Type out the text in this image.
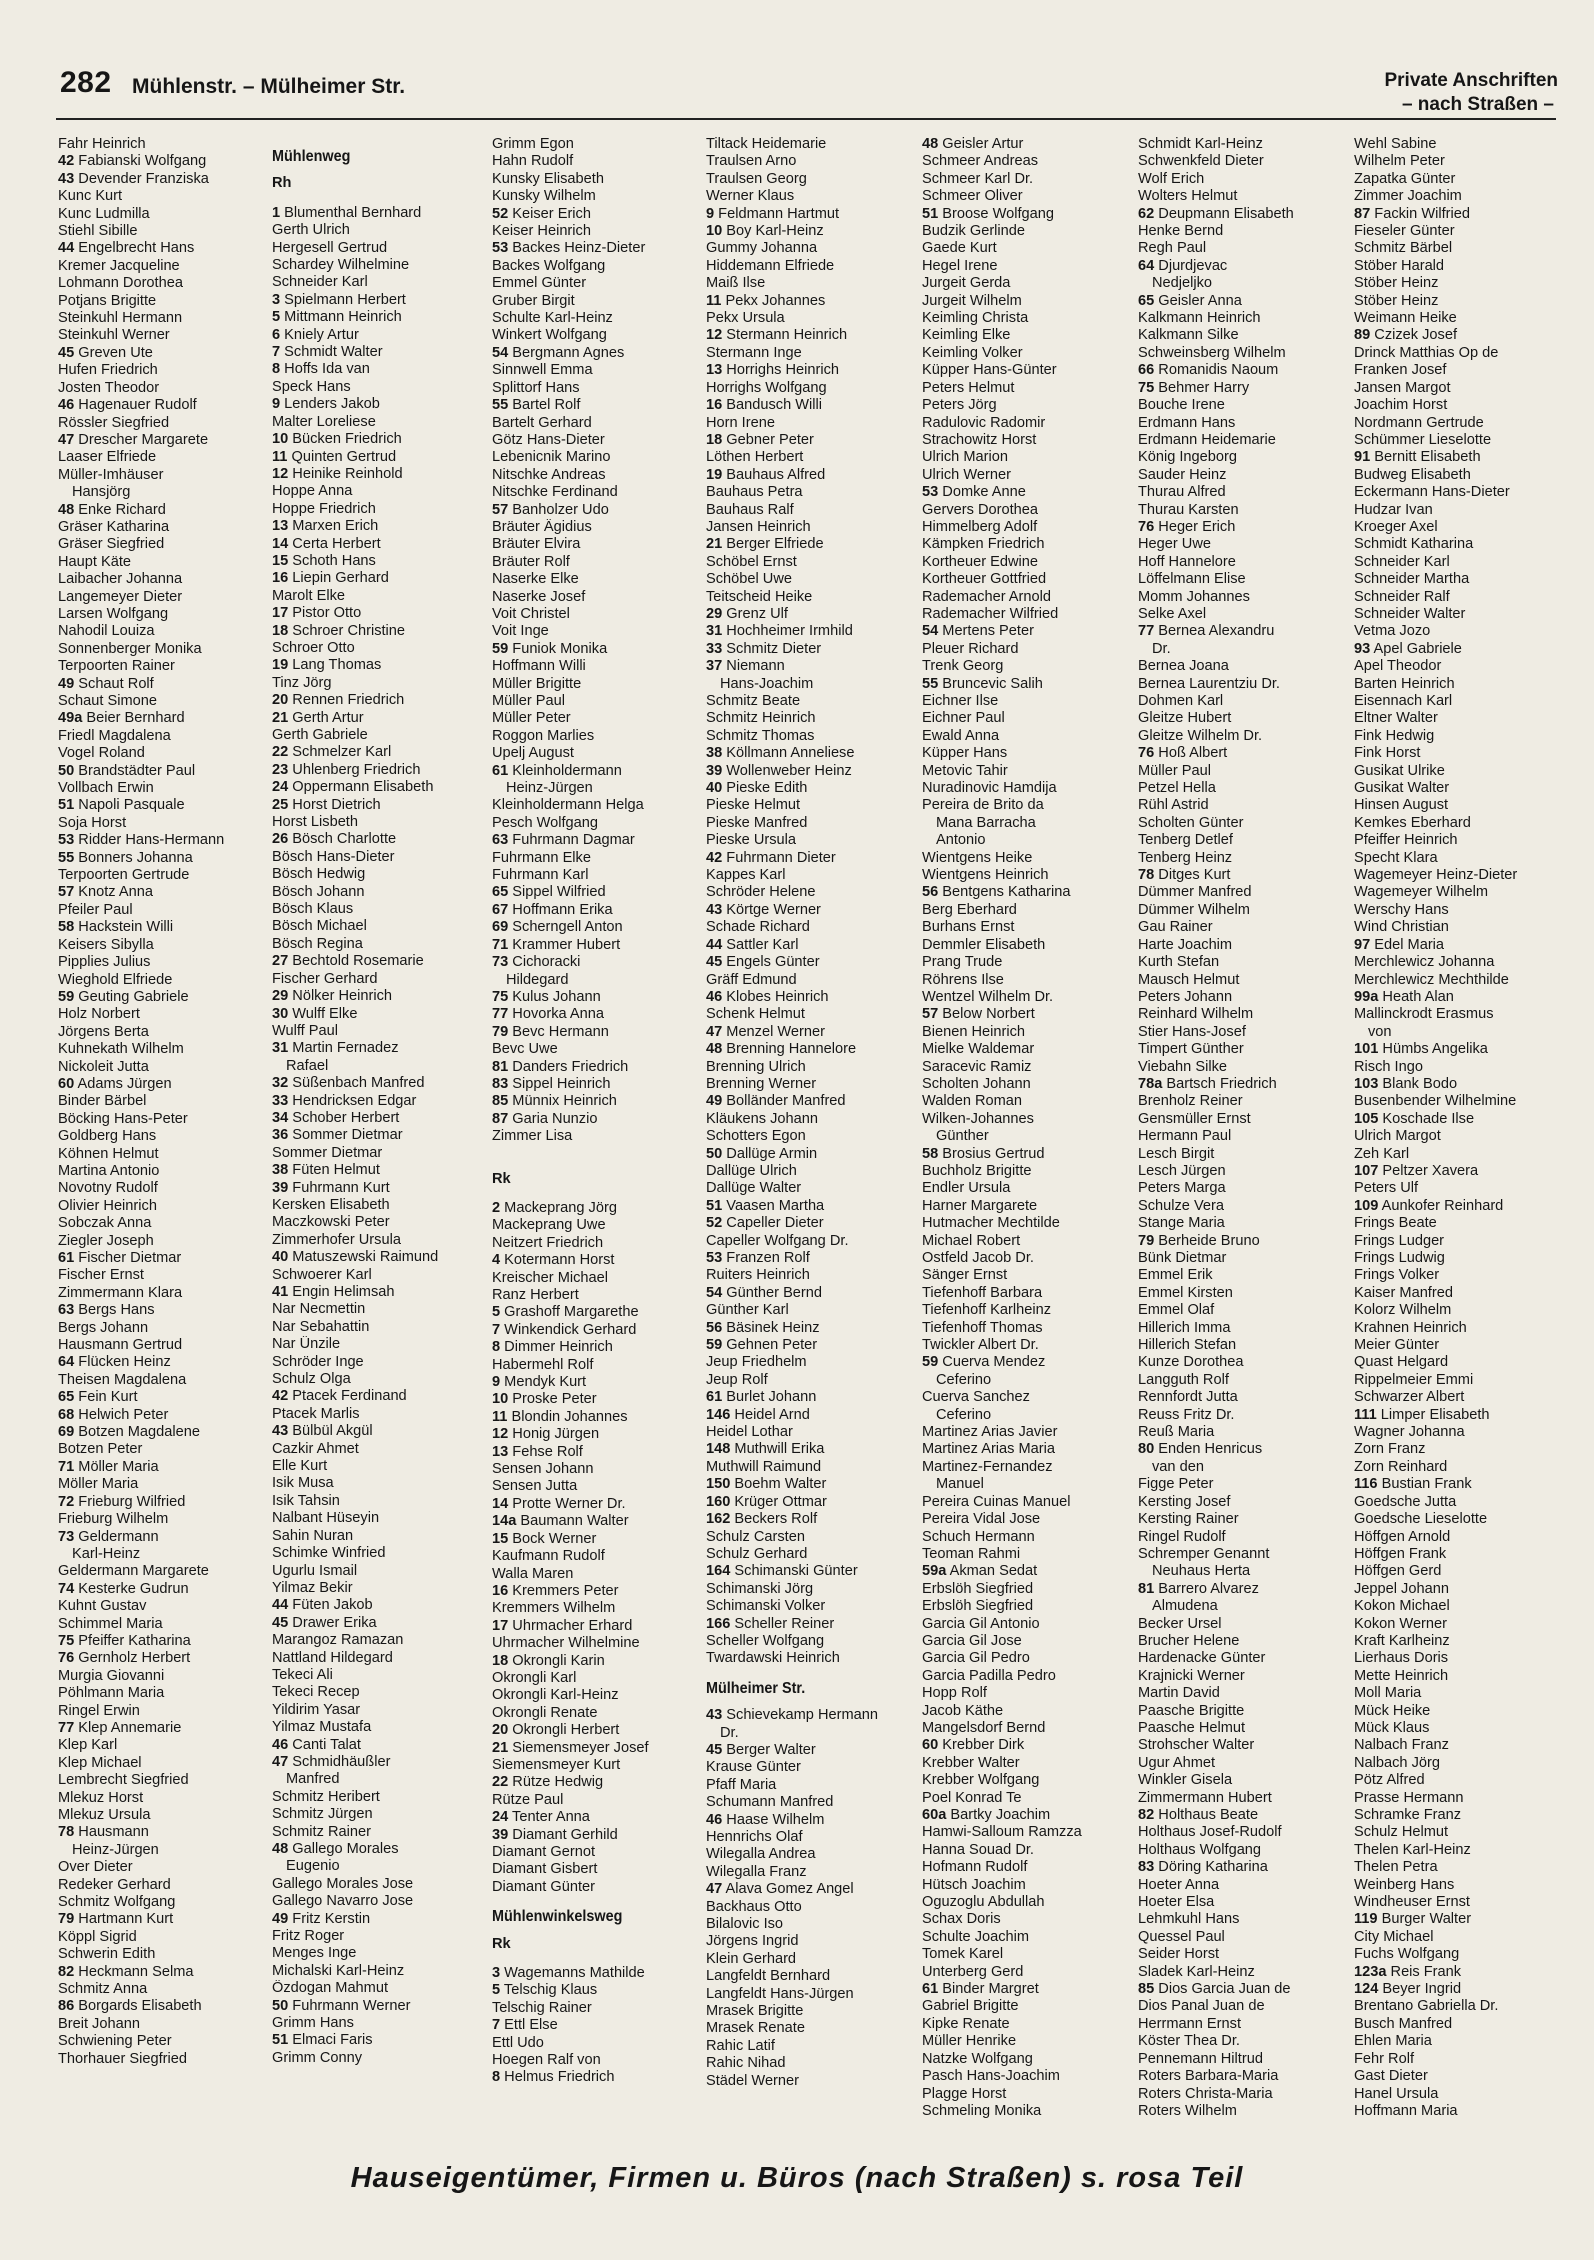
282 Mühlenstr. – Mülheimer Str.	Private Anschriften
– nach Straßen –
Fahr Heinrich
42 Fabianski Wolfgang
43 Devender Franziska
Kunc Kurt
Kunc Ludmilla
Stiehl Sibille
44 Engelbrecht Hans
Kremer Jacqueline
Lohmann Dorothea
Potjans Brigitte
Steinkuhl Hermann
Steinkuhl Werner
45 Greven Ute
Hufen Friedrich
Josten Theodor
46 Hagenauer Rudolf
Rössler Siegfried
47 Drescher Margarete
Laaser Elfriede
Müller-Imhäuser
Hansjörg
48 Enke Richard
Gräser Katharina
Gräser Siegfried
Haupt Käte
Laibacher Johanna
Langemeyer Dieter
Larsen Wolfgang
Nahodil Louiza
Sonnenberger Monika
Terpoorten Rainer
49 Schaut Rolf
Schaut Simone
49a Beier Bernhard
Friedl Magdalena
Vogel Roland
50 Brandstädter Paul
Vollbach Erwin
51 Napoli Pasquale
Soja Horst
53 Ridder Hans-Hermann
55 Bonners Johanna
Terpoorten Gertrude
57 Knotz Anna
Pfeiler Paul
58 Hackstein Willi
Keisers Sibylla
Pipplies Julius
Wieghold Elfriede
59 Geuting Gabriele
Holz Norbert
Jörgens Berta
Kuhnekath Wilhelm
Nickoleit Jutta
60 Adams Jürgen
Binder Bärbel
Böcking Hans-Peter
Goldberg Hans
Köhnen Helmut
Martina Antonio
Novotny Rudolf
Olivier Heinrich
Sobczak Anna
Ziegler Joseph
61 Fischer Dietmar
Fischer Ernst
Zimmermann Klara
63 Bergs Hans
Bergs Johann
Hausmann Gertrud
64 Flücken Heinz
Theisen Magdalena
65 Fein Kurt
68 Helwich Peter
69 Botzen Magdalene
Botzen Peter
71 Möller Maria
Möller Maria
72 Frieburg Wilfried
Frieburg Wilhelm
73 Geldermann
Karl-Heinz
Geldermann Margarete
74 Kesterke Gudrun
Kuhnt Gustav
Schimmel Maria
75 Pfeiffer Katharina
76 Gernholz Herbert
Murgia Giovanni
Pöhlmann Maria
Ringel Erwin
77 Klep Annemarie
Klep Karl
Klep Michael
Lembrecht Siegfried
Mlekuz Horst
Mlekuz Ursula
78 Hausmann
Heinz-Jürgen
Over Dieter
Redeker Gerhard
Schmitz Wolfgang
79 Hartmann Kurt
Köppl Sigrid
Schwerin Edith
82 Heckmann Selma
Schmitz Anna
86 Borgards Elisabeth
Breit Johann
Schwiening Peter
Thorhauer Siegfried
Mühlenweg
Rh
1 Blumenthal Bernhard
Gerth Ulrich
Hergesell Gertrud
Schardey Wilhelmine
Schneider Karl
3 Spielmann Herbert
5 Mittmann Heinrich
6 Kniely Artur
7 Schmidt Walter
8 Hoffs Ida van
Speck Hans
9 Lenders Jakob
Malter Loreliese
10 Bücken Friedrich
11 Quinten Gertrud
12 Heinike Reinhold
Hoppe Anna
Hoppe Friedrich
13 Marxen Erich
14 Certa Herbert
15 Schoth Hans
16 Liepin Gerhard
Marolt Elke
17 Pistor Otto
18 Schroer Christine
Schroer Otto
19 Lang Thomas
Tinz Jörg
20 Rennen Friedrich
21 Gerth Artur
Gerth Gabriele
22 Schmelzer Karl
23 Uhlenberg Friedrich
24 Oppermann Elisabeth
25 Horst Dietrich
Horst Lisbeth
26 Bösch Charlotte
Bösch Hans-Dieter
Bösch Hedwig
Bösch Johann
Bösch Klaus
Bösch Michael
Bösch Regina
27 Bechtold Rosemarie
Fischer Gerhard
29 Nölker Heinrich
30 Wulff Elke
Wulff Paul
31 Martin Fernadez
Rafael
32 Süßenbach Manfred
33 Hendricksen Edgar
34 Schober Herbert
36 Sommer Dietmar
Sommer Dietmar
38 Füten Helmut
39 Fuhrmann Kurt
Kersken Elisabeth
Maczkowski Peter
Zimmerhofer Ursula
40 Matuszewski Raimund
Schwoerer Karl
41 Engin Helimsah
Nar Necmettin
Nar Sebahattin
Nar Ünzile
Schröder Inge
Schulz Olga
42 Ptacek Ferdinand
Ptacek Marlis
43 Bülbül Akgül
Cazkir Ahmet
Elle Kurt
Isik Musa
Isik Tahsin
Nalbant Hüseyin
Sahin Nuran
Schimke Winfried
Ugurlu Ismail
Yilmaz Bekir
44 Füten Jakob
45 Drawer Erika
Marangoz Ramazan
Nattland Hildegard
Tekeci Ali
Tekeci Recep
Yildirim Yasar
Yilmaz Mustafa
46 Canti Talat
47 Schmidhäußler
Manfred
Schmitz Heribert
Schmitz Jürgen
Schmitz Rainer
48 Gallego Morales
Eugenio
Gallego Morales Jose
Gallego Navarro Jose
49 Fritz Kerstin
Fritz Roger
Menges Inge
Michalski Karl-Heinz
Özdogan Mahmut
50 Fuhrmann Werner
Grimm Hans
51 Elmaci Faris
Grimm Conny
Grimm Egon
Hahn Rudolf
Kunsky Elisabeth
Kunsky Wilhelm
52 Keiser Erich
Keiser Heinrich
53 Backes Heinz-Dieter
Backes Wolfgang
Emmel Günter
Gruber Birgit
Schulte Karl-Heinz
Winkert Wolfgang
54 Bergmann Agnes
Sinnwell Emma
Splittorf Hans
55 Bartel Rolf
Bartelt Gerhard
Götz Hans-Dieter
Lebenicnik Marino
Nitschke Andreas
Nitschke Ferdinand
57 Banholzer Udo
Bräuter Ägidius
Bräuter Elvira
Bräuter Rolf
Naserke Elke
Naserke Josef
Voit Christel
Voit Inge
59 Funiok Monika
Hoffmann Willi
Müller Brigitte
Müller Paul
Müller Peter
Roggon Marlies
Upelj August
61 Kleinholdermann
Heinz-Jürgen
Kleinholdermann Helga
Pesch Wolfgang
63 Fuhrmann Dagmar
Fuhrmann Elke
Fuhrmann Karl
65 Sippel Wilfried
67 Hoffmann Erika
69 Scherngell Anton
71 Krammer Hubert
73 Cichoracki
Hildegard
75 Kulus Johann
77 Hovorka Anna
79 Bevc Hermann
Bevc Uwe
81 Danders Friedrich
83 Sippel Heinrich
85 Münnix Heinrich
87 Garia Nunzio
Zimmer Lisa
Rk
2 Mackeprang Jörg
Mackeprang Uwe
Neitzert Friedrich
4 Kotermann Horst
Kreischer Michael
Ranz Herbert
5 Grashoff Margarethe
7 Winkendick Gerhard
8 Dimmer Heinrich
Habermehl Rolf
9 Mendyk Kurt
10 Proske Peter
11 Blondin Johannes
12 Honig Jürgen
13 Fehse Rolf
Sensen Johann
Sensen Jutta
14 Protte Werner Dr.
14a Baumann Walter
15 Bock Werner
Kaufmann Rudolf
Walla Maren
16 Kremmers Peter
Kremmers Wilhelm
17 Uhrmacher Erhard
Uhrmacher Wilhelmine
18 Okrongli Karin
Okrongli Karl
Okrongli Karl-Heinz
Okrongli Renate
20 Okrongli Herbert
21 Siemensmeyer Josef
Siemensmeyer Kurt
22 Rütze Hedwig
Rütze Paul
24 Tenter Anna
39 Diamant Gerhild
Diamant Gernot
Diamant Gisbert
Diamant Günter
Mühlenwinkelsweg
Rk
3 Wagemanns Mathilde
5 Telschig Klaus
Telschig Rainer
7 Ettl Else
Ettl Udo
Hoegen Ralf von
8 Helmus Friedrich
Tiltack Heidemarie
Traulsen Arno
Traulsen Georg
Werner Klaus
9 Feldmann Hartmut
10 Boy Karl-Heinz
Gummy Johanna
Hiddemann Elfriede
Maiß Ilse
11 Pekx Johannes
Pekx Ursula
12 Stermann Heinrich
Stermann Inge
13 Horrighs Heinrich
Horrighs Wolfgang
16 Bandusch Willi
Horn Irene
18 Gebner Peter
Löthen Herbert
19 Bauhaus Alfred
Bauhaus Petra
Bauhaus Ralf
Jansen Heinrich
21 Berger Elfriede
Schöbel Ernst
Schöbel Uwe
Teitscheid Heike
29 Grenz Ulf
31 Hochheimer Irmhild
33 Schmitz Dieter
37 Niemann
Hans-Joachim
Schmitz Beate
Schmitz Heinrich
Schmitz Thomas
38 Köllmann Anneliese
39 Wollenweber Heinz
40 Pieske Edith
Pieske Helmut
Pieske Manfred
Pieske Ursula
42 Fuhrmann Dieter
Kappes Karl
Schröder Helene
43 Körtge Werner
Schade Richard
44 Sattler Karl
45 Engels Günter
Gräff Edmund
46 Klobes Heinrich
Schenk Helmut
47 Menzel Werner
48 Brenning Hannelore
Brenning Ulrich
Brenning Werner
49 Bolländer Manfred
Kläukens Johann
Schotters Egon
50 Dallüge Armin
Dallüge Ulrich
Dallüge Walter
51 Vaasen Martha
52 Capeller Dieter
Capeller Wolfgang Dr.
53 Franzen Rolf
Ruiters Heinrich
54 Günther Bernd
Günther Karl
56 Bäsinek Heinz
59 Gehnen Peter
Jeup Friedhelm
Jeup Rolf
61 Burlet Johann
146 Heidel Arnd
Heidel Lothar
148 Muthwill Erika
Muthwill Raimund
150 Boehm Walter
160 Krüger Ottmar
162 Beckers Rolf
Schulz Carsten
Schulz Gerhard
164 Schimanski Günter
Schimanski Jörg
Schimanski Volker
166 Scheller Reiner
Scheller Wolfgang
Twardawski Heinrich
Mülheimer Str.
43 Schievekamp Hermann
Dr.
45 Berger Walter
Krause Günter
Pfaff Maria
Schumann Manfred
46 Haase Wilhelm
Hennrichs Olaf
Wilegalla Andrea
Wilegalla Franz
47 Alava Gomez Angel
Backhaus Otto
Bilalovic Iso
Jörgens Ingrid
Klein Gerhard
Langfeldt Bernhard
Langfeldt Hans-Jürgen
Mrasek Brigitte
Mrasek Renate
Rahic Latif
Rahic Nihad
Städel Werner
48 Geisler Artur
Schmeer Andreas
Schmeer Karl Dr.
Schmeer Oliver
51 Broose Wolfgang
Budzik Gerlinde
Gaede Kurt
Hegel Irene
Jurgeit Gerda
Jurgeit Wilhelm
Keimling Christa
Keimling Elke
Keimling Volker
Küpper Hans-Günter
Peters Helmut
Peters Jörg
Radulovic Radomir
Strachowitz Horst
Ulrich Marion
Ulrich Werner
53 Domke Anne
Gervers Dorothea
Himmelberg Adolf
Kämpken Friedrich
Kortheuer Edwine
Kortheuer Gottfried
Rademacher Arnold
Rademacher Wilfried
54 Mertens Peter
Pleuer Richard
Trenk Georg
55 Bruncevic Salih
Eichner Ilse
Eichner Paul
Ewald Anna
Küpper Hans
Metovic Tahir
Nuradinovic Hamdija
Pereira de Brito da
Mana Barracha
Antonio
Wientgens Heike
Wientgens Heinrich
56 Bentgens Katharina
Berg Eberhard
Burhans Ernst
Demmler Elisabeth
Prang Trude
Röhrens Ilse
Wentzel Wilhelm Dr.
57 Below Norbert
Bienen Heinrich
Mielke Waldemar
Saracevic Ramiz
Scholten Johann
Walden Roman
Wilken-Johannes
Günther
58 Brosius Gertrud
Buchholz Brigitte
Endler Ursula
Harner Margarete
Hutmacher Mechtilde
Michael Robert
Ostfeld Jacob Dr.
Sänger Ernst
Tiefenhoff Barbara
Tiefenhoff Karlheinz
Tiefenhoff Thomas
Twickler Albert Dr.
59 Cuerva Mendez
Ceferino
Cuerva Sanchez
Ceferino
Martinez Arias Javier
Martinez Arias Maria
Martinez-Fernandez
Manuel
Pereira Cuinas Manuel
Pereira Vidal Jose
Schuch Hermann
Teoman Rahmi
59a Akman Sedat
Erbslöh Siegfried
Erbslöh Siegfried
Garcia Gil Antonio
Garcia Gil Jose
Garcia Gil Pedro
Garcia Padilla Pedro
Hopp Rolf
Jacob Käthe
Mangelsdorf Bernd
60 Krebber Dirk
Krebber Walter
Krebber Wolfgang
Poel Konrad Te
60a Bartky Joachim
Hamwi-Salloum Ramzza
Hanna Souad Dr.
Hofmann Rudolf
Hütsch Joachim
Oguzoglu Abdullah
Schax Doris
Schulte Joachim
Tomek Karel
Unterberg Gerd
61 Binder Margret
Gabriel Brigitte
Kipke Renate
Müller Henrike
Natzke Wolfgang
Pasch Hans-Joachim
Plagge Horst
Schmeling Monika
Schmidt Karl-Heinz
Schwenkfeld Dieter
Wolf Erich
Wolters Helmut
62 Deupmann Elisabeth
Henke Bernd
Regh Paul
64 Djurdjevac
Nedjeljko
65 Geisler Anna
Kalkmann Heinrich
Kalkmann Silke
Schweinsberg Wilhelm
66 Romanidis Naoum
75 Behmer Harry
Bouche Irene
Erdmann Hans
Erdmann Heidemarie
König Ingeborg
Sauder Heinz
Thurau Alfred
Thurau Karsten
76 Heger Erich
Heger Uwe
Hoff Hannelore
Löffelmann Elise
Momm Johannes
Selke Axel
77 Bernea Alexandru
Dr.
Bernea Joana
Bernea Laurentziu Dr.
Dohmen Karl
Gleitze Hubert
Gleitze Wilhelm Dr.
76 Hoß Albert
Müller Paul
Petzel Hella
Rühl Astrid
Scholten Günter
Tenberg Detlef
Tenberg Heinz
78 Ditges Kurt
Dümmer Manfred
Dümmer Wilhelm
Gau Rainer
Harte Joachim
Kurth Stefan
Mausch Helmut
Peters Johann
Reinhard Wilhelm
Stier Hans-Josef
Timpert Günther
Viebahn Silke
78a Bartsch Friedrich
Brenholz Reiner
Gensmüller Ernst
Hermann Paul
Lesch Birgit
Lesch Jürgen
Peters Marga
Schulze Vera
Stange Maria
79 Berheide Bruno
Bünk Dietmar
Emmel Erik
Emmel Kirsten
Emmel Olaf
Hillerich Imma
Hillerich Stefan
Kunze Dorothea
Langguth Rolf
Rennfordt Jutta
Reuss Fritz Dr.
Reuß Maria
80 Enden Henricus
van den
Figge Peter
Kersting Josef
Kersting Rainer
Ringel Rudolf
Schremper Genannt
Neuhaus Herta
81 Barrero Alvarez
Almudena
Becker Ursel
Brucher Helene
Hardenacke Günter
Krajnicki Werner
Martin David
Paasche Brigitte
Paasche Helmut
Strohscher Walter
Ugur Ahmet
Winkler Gisela
Zimmermann Hubert
82 Holthaus Beate
Holthaus Josef-Rudolf
Holthaus Wolfgang
83 Döring Katharina
Hoeter Anna
Hoeter Elsa
Lehmkuhl Hans
Quessel Paul
Seider Horst
Sladek Karl-Heinz
85 Dios Garcia Juan de
Dios Panal Juan de
Herrmann Ernst
Köster Thea Dr.
Pennemann Hiltrud
Roters Barbara-Maria
Roters Christa-Maria
Roters Wilhelm
Wehl Sabine
Wilhelm Peter
Zapatka Günter
Zimmer Joachim
87 Fackin Wilfried
Fieseler Günter
Schmitz Bärbel
Stöber Harald
Stöber Heinz
Stöber Heinz
Weimann Heike
89 Czizek Josef
Drinck Matthias Op de
Franken Josef
Jansen Margot
Joachim Horst
Nordmann Gertrude
Schümmer Lieselotte
91 Bernitt Elisabeth
Budweg Elisabeth
Eckermann Hans-Dieter
Hudzar Ivan
Kroeger Axel
Schmidt Katharina
Schneider Karl
Schneider Martha
Schneider Ralf
Schneider Walter
Vetma Jozo
93 Apel Gabriele
Apel Theodor
Barten Heinrich
Eisennach Karl
Eltner Walter
Fink Hedwig
Fink Horst
Gusikat Ulrike
Gusikat Walter
Hinsen August
Kemkes Eberhard
Pfeiffer Heinrich
Specht Klara
Wagemeyer Heinz-Dieter
Wagemeyer Wilhelm
Werschy Hans
Wind Christian
97 Edel Maria
Merchlewicz Johanna
Merchlewicz Mechthilde
99a Heath Alan
Mallinckrodt Erasmus
von
101 Hümbs Angelika
Risch Ingo
103 Blank Bodo
Busenbender Wilhelmine
105 Koschade Ilse
Ulrich Margot
Zeh Karl
107 Peltzer Xavera
Peters Ulf
109 Aunkofer Reinhard
Frings Beate
Frings Ludger
Frings Ludwig
Frings Volker
Kaiser Manfred
Kolorz Wilhelm
Krahnen Heinrich
Meier Günter
Quast Helgard
Rippelmeier Emmi
Schwarzer Albert
111 Limper Elisabeth
Wagner Johanna
Zorn Franz
Zorn Reinhard
116 Bustian Frank
Goedsche Jutta
Goedsche Lieselotte
Höffgen Arnold
Höffgen Frank
Höffgen Gerd
Jeppel Johann
Kokon Michael
Kokon Werner
Kraft Karlheinz
Lierhaus Doris
Mette Heinrich
Moll Maria
Mück Heike
Mück Klaus
Nalbach Franz
Nalbach Jörg
Pötz Alfred
Prasse Hermann
Schramke Franz
Schulz Helmut
Thelen Karl-Heinz
Thelen Petra
Weinberg Hans
Windheuser Ernst
119 Burger Walter
City Michael
Fuchs Wolfgang
123a Reis Frank
124 Beyer Ingrid
Brentano Gabriella Dr.
Busch Manfred
Ehlen Maria
Fehr Rolf
Gast Dieter
Hanel Ursula
Hoffmann Maria
Hauseigentümer, Firmen u. Büros (nach Straßen) s. rosa Teil
